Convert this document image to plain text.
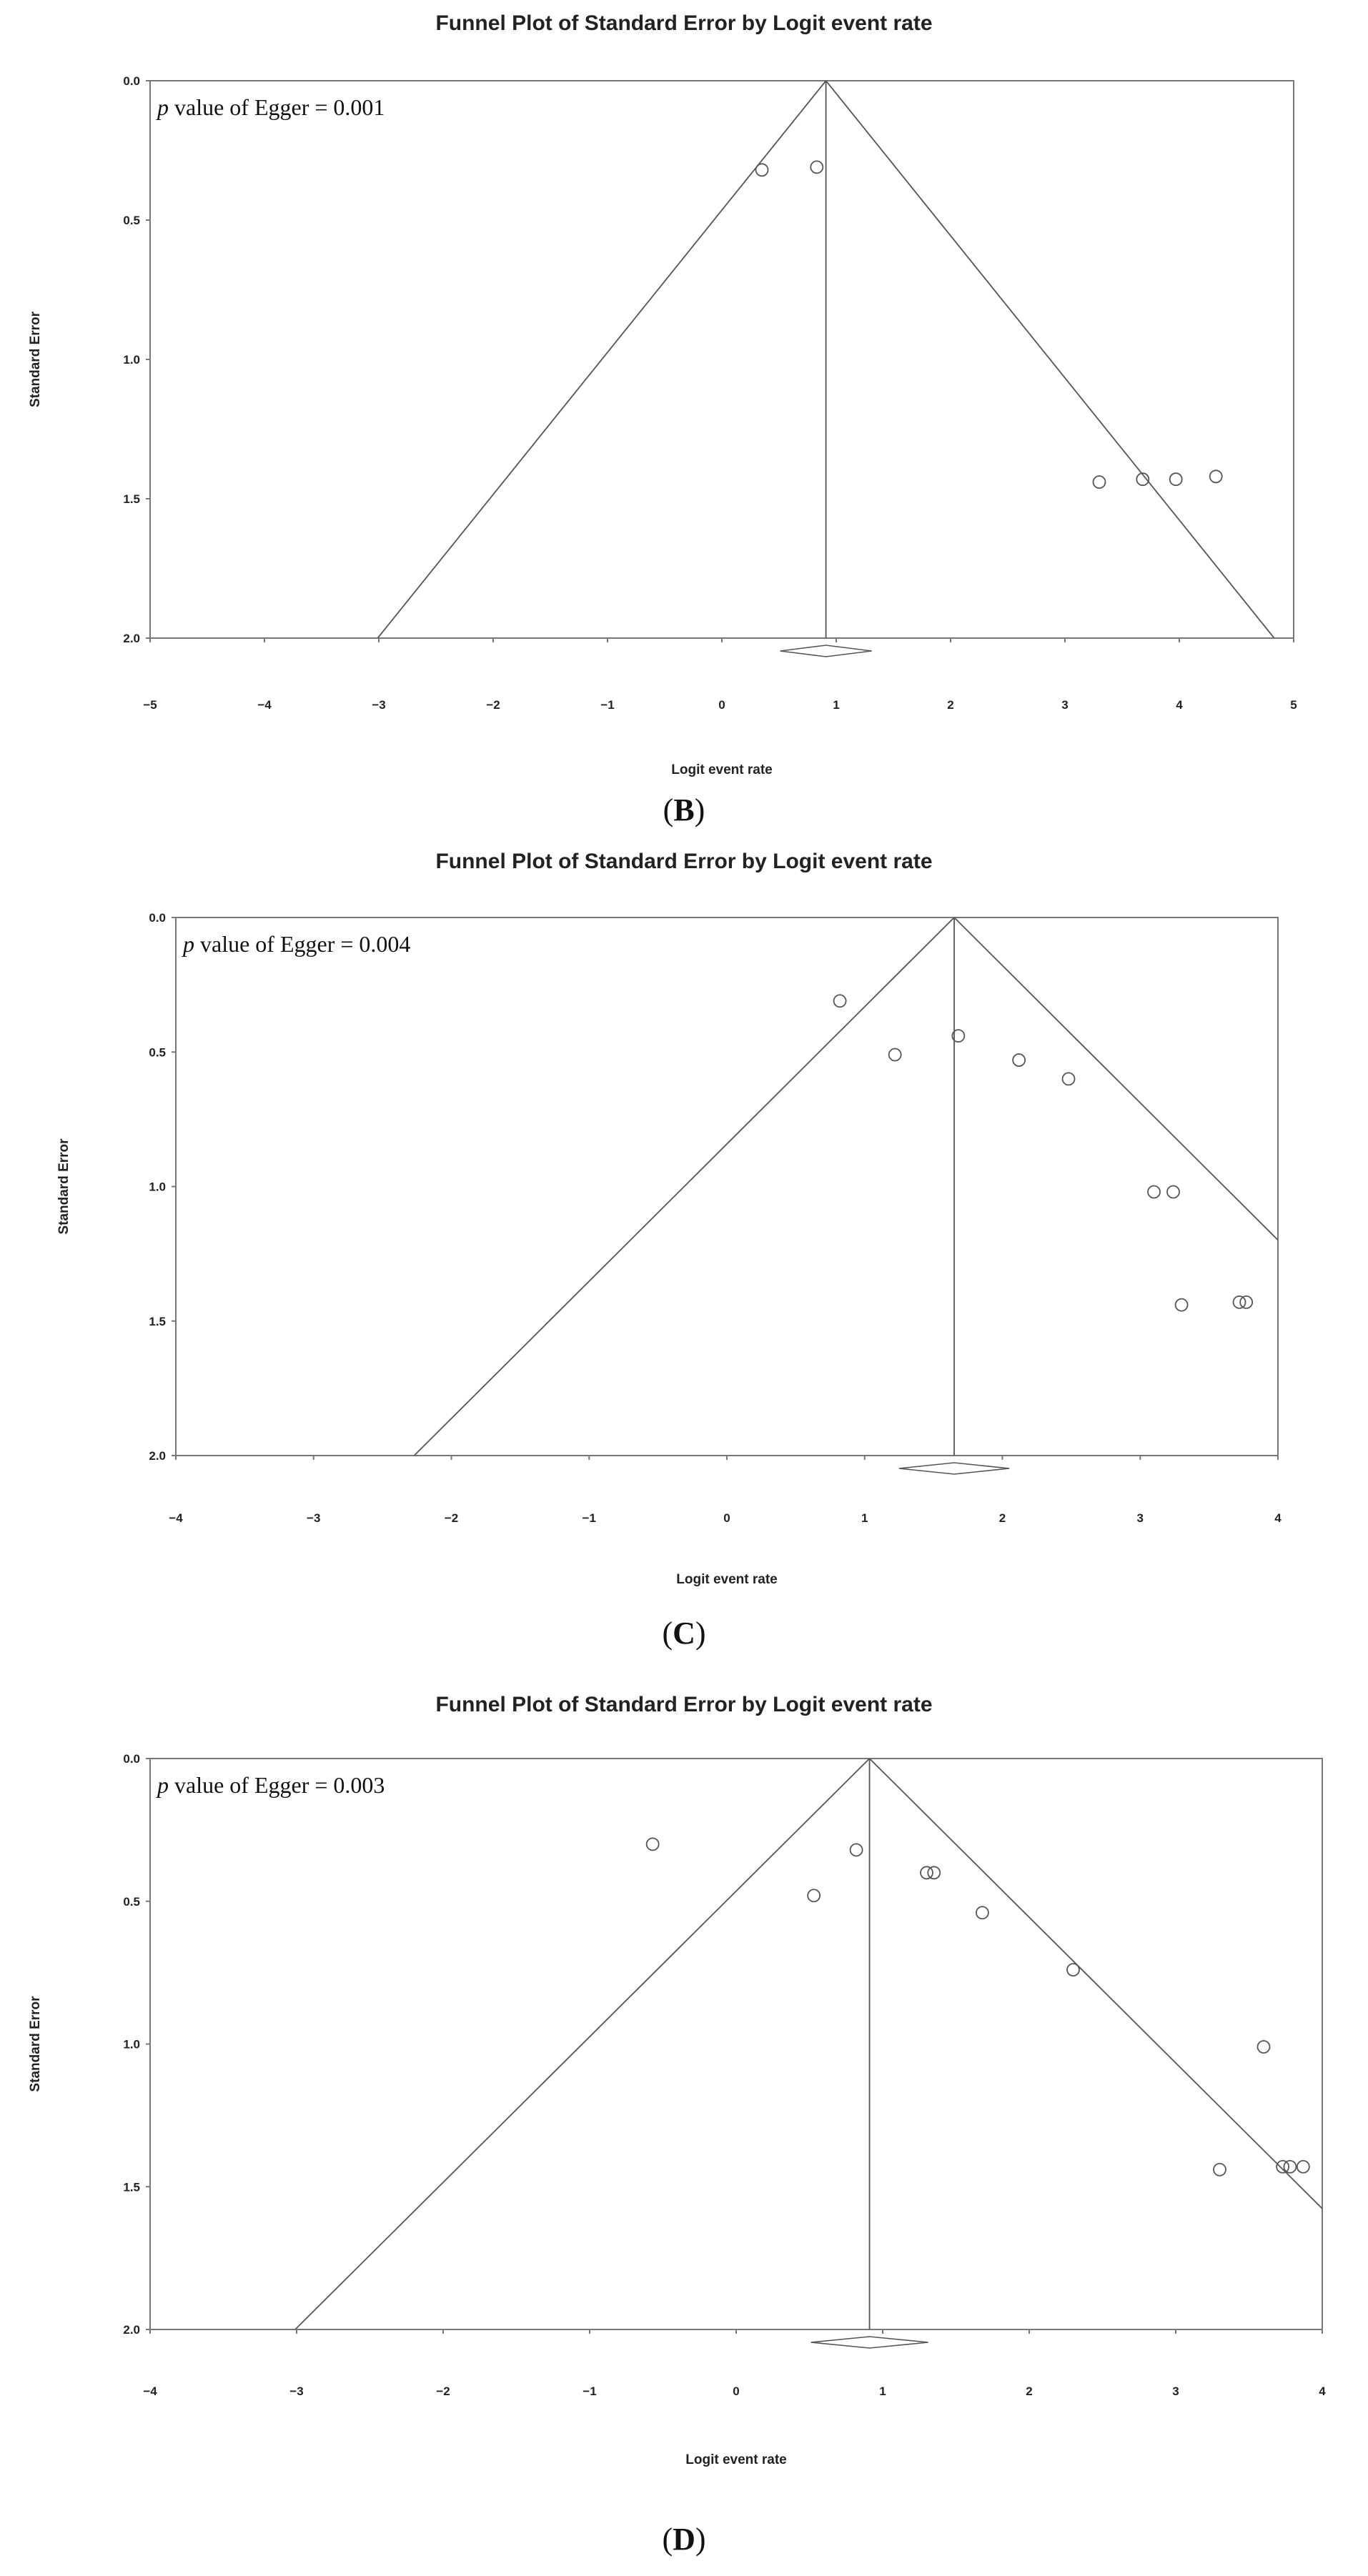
Funnel Plot of Standard Error by Logit event rate
0.0
0.5
1.0
1.5
2.0
−5	−4	−3	−2	−1	0	1	2	3	4	5
Logit event rate
Standard Error
p value of Egger = 0.001
(B)
Funnel Plot of Standard Error by Logit event rate
0.0
0.5
1.0
1.5
2.0
−4	−3	−2	−1	0	1	2	3	4
Logit event rate
Standard Error
p value of Egger = 0.004
(C)
Funnel Plot of Standard Error by Logit event rate
0.0
0.5
1.0
1.5
2.0
−4	−3	−2	−1	0	1	2	3	4
Logit event rate
Standard Error
p value of Egger = 0.003
(D)
